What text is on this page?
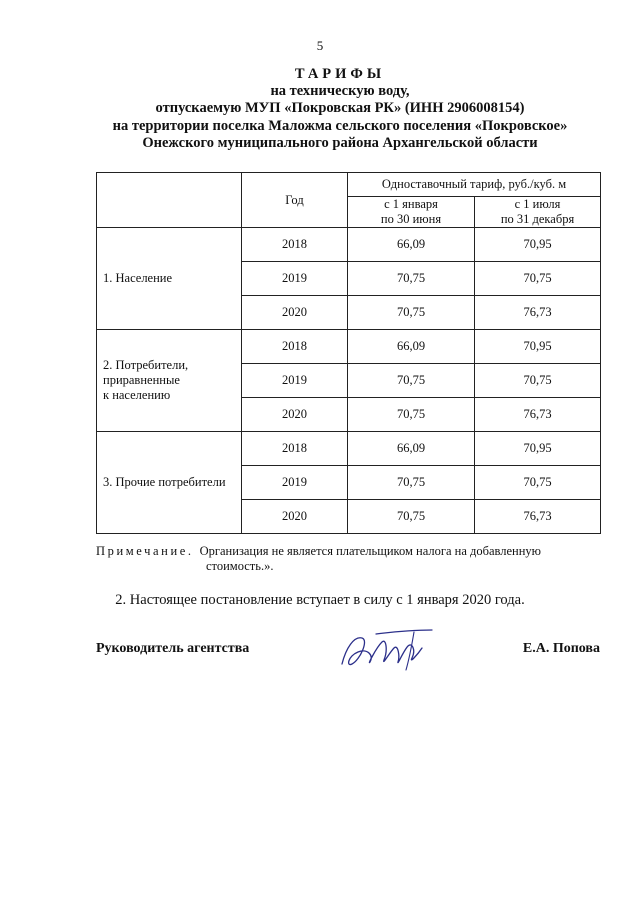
5
ТАРИФЫ
на техническую воду,
отпускаемую МУП «Покровская РК» (ИНН 2906008154)
на территории поселка Маложма сельского поселения «Покровское»
Онежского муниципального района Архангельской области
	Год	Одноставочный тариф, руб./куб. м	
		с 1 января
по 30 июня	с 1 июля
по 31 декабря

1. Население	2018	66,09	70,95
	2019	70,75	70,75
	2020	70,75	76,73

2. Потребители,
приравненные
к населению	2018	66,09	70,95
	2019	70,75	70,75
	2020	70,75	76,73

3. Прочие потребители	2018	66,09	70,95
	2019	70,75	70,75
	2020	70,75	76,73
Примечание. Организация не является плательщиком налога на добавленную
стоимость.».
2. Настоящее постановление вступает в силу с 1 января 2020 года.
Руководитель агентства	Е.А. Попова
